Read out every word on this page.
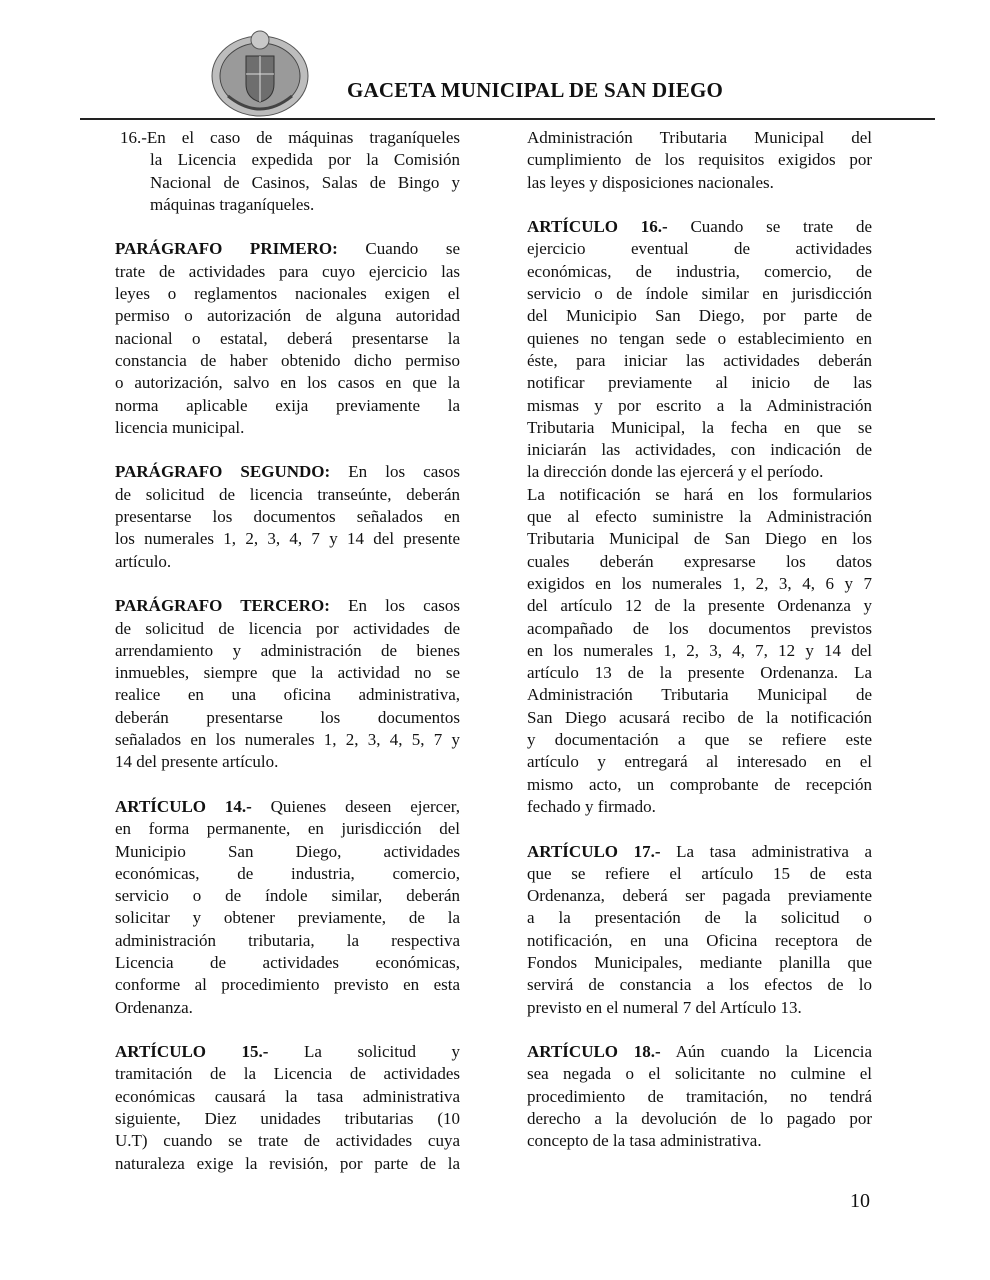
GACETA MUNICIPAL DE SAN DIEGO
16.-En el caso de máquinas traganíqueles
la Licencia expedida por la Comisión
Nacional de Casinos, Salas de Bingo y
máquinas traganíqueles.
PARÁGRAFO PRIMERO: Cuando se
trate de actividades para cuyo ejercicio las
leyes o reglamentos nacionales exigen el
permiso o autorización de alguna autoridad
nacional o estatal, deberá presentarse la
constancia de haber obtenido dicho permiso
o autorización, salvo en los casos en que la
norma aplicable exija previamente la
licencia municipal.
PARÁGRAFO SEGUNDO: En los casos
de solicitud de licencia transeúnte, deberán
presentarse los documentos señalados en
los numerales 1, 2, 3, 4, 7 y 14 del presente
artículo.
PARÁGRAFO TERCERO: En los casos
de solicitud de licencia por actividades de
arrendamiento y administración de bienes
inmuebles, siempre que la actividad no se
realice en una oficina administrativa,
deberán presentarse los documentos
señalados en los numerales 1, 2, 3, 4, 5, 7 y
14 del presente artículo.
ARTÍCULO 14.- Quienes deseen ejercer,
en forma permanente, en jurisdicción del
Municipio San Diego, actividades
económicas, de industria, comercio,
servicio o de índole similar, deberán
solicitar y obtener previamente, de la
administración tributaria, la respectiva
Licencia de actividades económicas,
conforme al procedimiento previsto en esta
Ordenanza.
ARTÍCULO 15.- La solicitud y
tramitación de la Licencia de actividades
económicas causará la tasa administrativa
siguiente, Diez unidades tributarias (10
U.T) cuando se trate de actividades cuya
naturaleza exige la revisión, por parte de la
Administración Tributaria Municipal del
cumplimiento de los requisitos exigidos por
las leyes y disposiciones nacionales.
ARTÍCULO 16.- Cuando se trate de
ejercicio eventual de actividades
económicas, de industria, comercio, de
servicio o de índole similar en jurisdicción
del Municipio San Diego, por parte de
quienes no tengan sede o establecimiento en
éste, para iniciar las actividades deberán
notificar previamente al inicio de las
mismas y por escrito a la Administración
Tributaria Municipal, la fecha en que se
iniciarán las actividades, con indicación de
la dirección donde las ejercerá y el período.
La notificación se hará en los formularios
que al efecto suministre la Administración
Tributaria Municipal de San Diego en los
cuales deberán expresarse los datos
exigidos en los numerales 1, 2, 3, 4, 6 y 7
del artículo 12 de la presente Ordenanza y
acompañado de los documentos previstos
en los numerales 1, 2, 3, 4, 7, 12 y 14 del
artículo 13 de la presente Ordenanza. La
Administración Tributaria Municipal de
San Diego acusará recibo de la notificación
y documentación a que se refiere este
artículo y entregará al interesado en el
mismo acto, un comprobante de recepción
fechado y firmado.
ARTÍCULO 17.- La tasa administrativa a
que se refiere el artículo 15 de esta
Ordenanza, deberá ser pagada previamente
a la presentación de la solicitud o
notificación, en una Oficina receptora de
Fondos Municipales, mediante planilla que
servirá de constancia a los efectos de lo
previsto en el numeral 7 del Artículo 13.
ARTÍCULO 18.- Aún cuando la Licencia
sea negada o el solicitante no culmine el
procedimiento de tramitación, no tendrá
derecho a la devolución de lo pagado por
concepto de la tasa administrativa.
10
